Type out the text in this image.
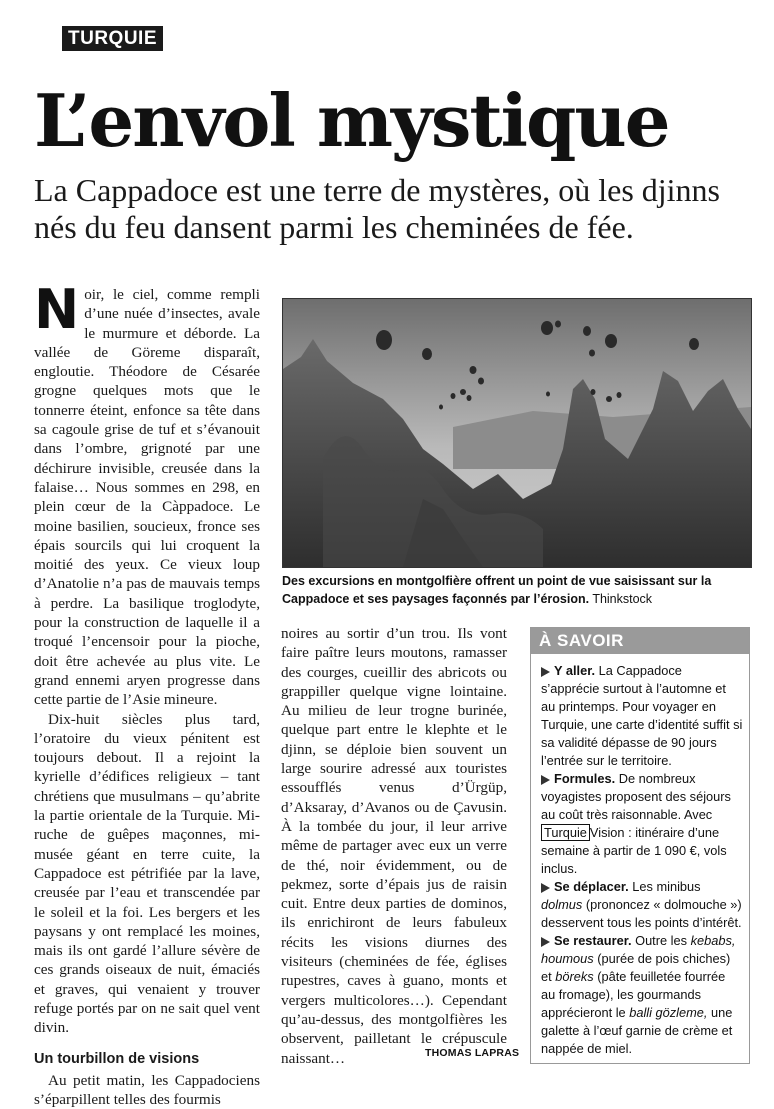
TURQUIE
L’envol mystique

La Cappadoce est une terre de mystères, où les djinns nés du feu dansent parmi les cheminées de fée.

Noir, le ciel, comme rempli d’une nuée d’insectes, avale le murmure et déborde. La vallée de Göreme disparaît, engloutie. Théodore de Césarée grogne quelques mots que le tonnerre éteint, enfonce sa tête dans sa cagoule grise de tuf et s’évanouit dans l’ombre, grignoté par une déchirure invisible, creusée dans la falaise… Nous sommes en 298, en plein cœur de la Càppadoce. Le moine basilien, soucieux, fronce ses épais sourcils qui lui croquent la moitié des yeux. Ce vieux loup d’Anatolie n’a pas de mauvais temps à perdre. La basilique troglodyte, pour la construction de laquelle il a troqué l’encensoir pour la pioche, doit être achevée au plus vite. Le grand ennemi aryen progresse dans cette partie de l’Asie mineure.

Dix-huit siècles plus tard, l’oratoire du vieux pénitent est toujours debout. Il a rejoint la kyrielle d’édifices religieux – tant chrétiens que musulmans – qu’abrite la partie orientale de la Turquie. Mi-ruche de guêpes maçonnes, mi-musée géant en terre cuite, la Cappadoce est pétrifiée par la lave, creusée par l’eau et transcendée par le soleil et la foi. Les bergers et les paysans y ont remplacé les moines, mais ils ont gardé l’allure sévère de ces grands oiseaux de nuit, émaciés et graves, qui venaient y trouver refuge portés par on ne sait quel vent divin.

Un tourbillon de visions

Au petit matin, les Cappadociens s’éparpillent telles des fourmis

Des excursions en montgolfière offrent un point de vue saisissant sur la Cappadoce et ses paysages façonnés par l’érosion. Thinkstock

noires au sortir d’un trou. Ils vont faire paître leurs moutons, ramasser des courges, cueillir des abricots ou grappiller quelque vigne lointaine. Au milieu de leur trogne burinée, quelque part entre le klephte et le djinn, se déploie bien souvent un large sourire adressé aux touristes essoufflés venus d’Ürgüp, d’Aksaray, d’Avanos ou de Çavusin. À la tombée du jour, il leur arrive même de partager avec eux un verre de thé, noir évidemment, ou de pekmez, sorte d’épais jus de raisin cuit. Entre deux parties de dominos, ils enrichiront de leurs fabuleux récits les visions diurnes des visiteurs (cheminées de fée, églises rupestres, caves à guano, monts et vergers multicolores…). Cependant qu’au-dessus, des montgolfières les observent, pailletant le crépuscule naissant…

À SAVOIR

Y aller. La Cappadoce s’apprécie surtout à l’automne et au printemps. Pour voyager en Turquie, une carte d’identité suffit si sa validité dépasse de 90 jours l’entrée sur le territoire.

Formules. De nombreux voyagistes proposent des séjours au coût très raisonnable. Avec Turquie Vision : itinéraire d’une semaine à partir de 1 090 €, vols inclus.

Se déplacer. Les minibus dolmus (prononcez « dolmouche ») desservent tous les points d’intérêt.

Se restaurer. Outre les kebabs, houmous (purée de pois chiches) et böreks (pâte feuilletée fourrée au fromage), les gourmands apprécieront le balli gözleme, une galette à l’œuf garnie de crème et nappée de miel.

THOMAS LAPRAS
